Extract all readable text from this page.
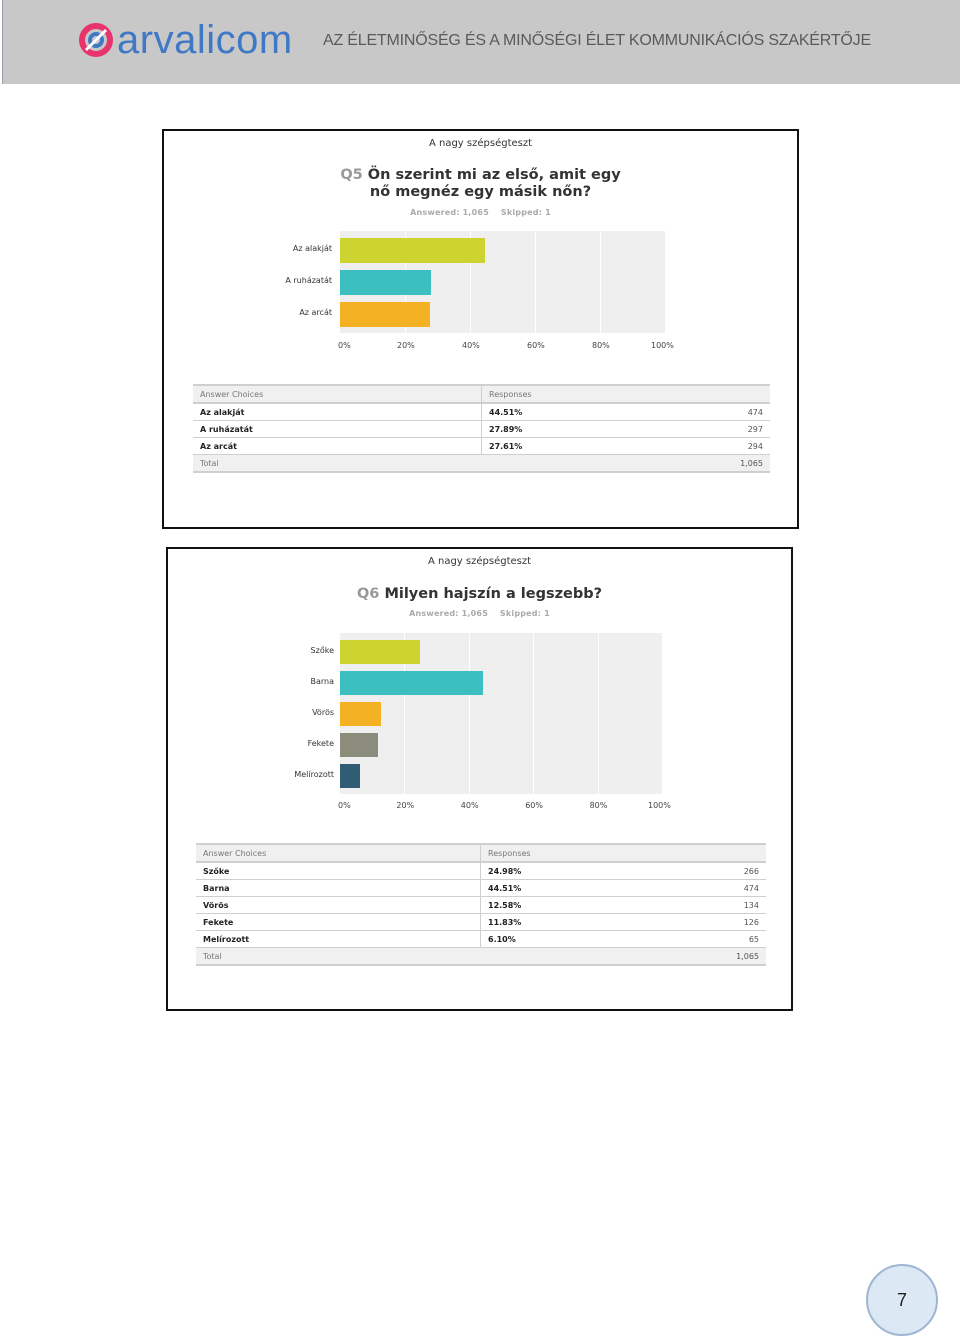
arvalicom AZ ÉLETMINŐSÉG ÉS A MINŐSÉGI ÉLET KOMMUNIKÁCIÓS SZAKÉRTŐJE
A nagy szépségteszt
Q5 Ön szerint mi az első, amit egy
nő megnéz egy másik nőn?
Answered: 1,065    Skipped: 1
0%	20%	40%	60%	80%	100%
Az alakját
A ruházatát
Az arcát
Answer Choices	Responses	
Az alakját	44.51%	474
A ruházatát	27.89%	297
Az arcát	27.61%	294
Total		1,065
A nagy szépségteszt
Q6 Milyen hajszín a legszebb?
Answered: 1,065    Skipped: 1
0%	20%	40%	60%	80%	100%
Szőke
Barna
Vörös
Fekete
Melírozott
Answer Choices	Responses	
Szőke	24.98%	266
Barna	44.51%	474
Vörös	12.58%	134
Fekete	11.83%	126
Melírozott	6.10%	65
Total		1,065
7
